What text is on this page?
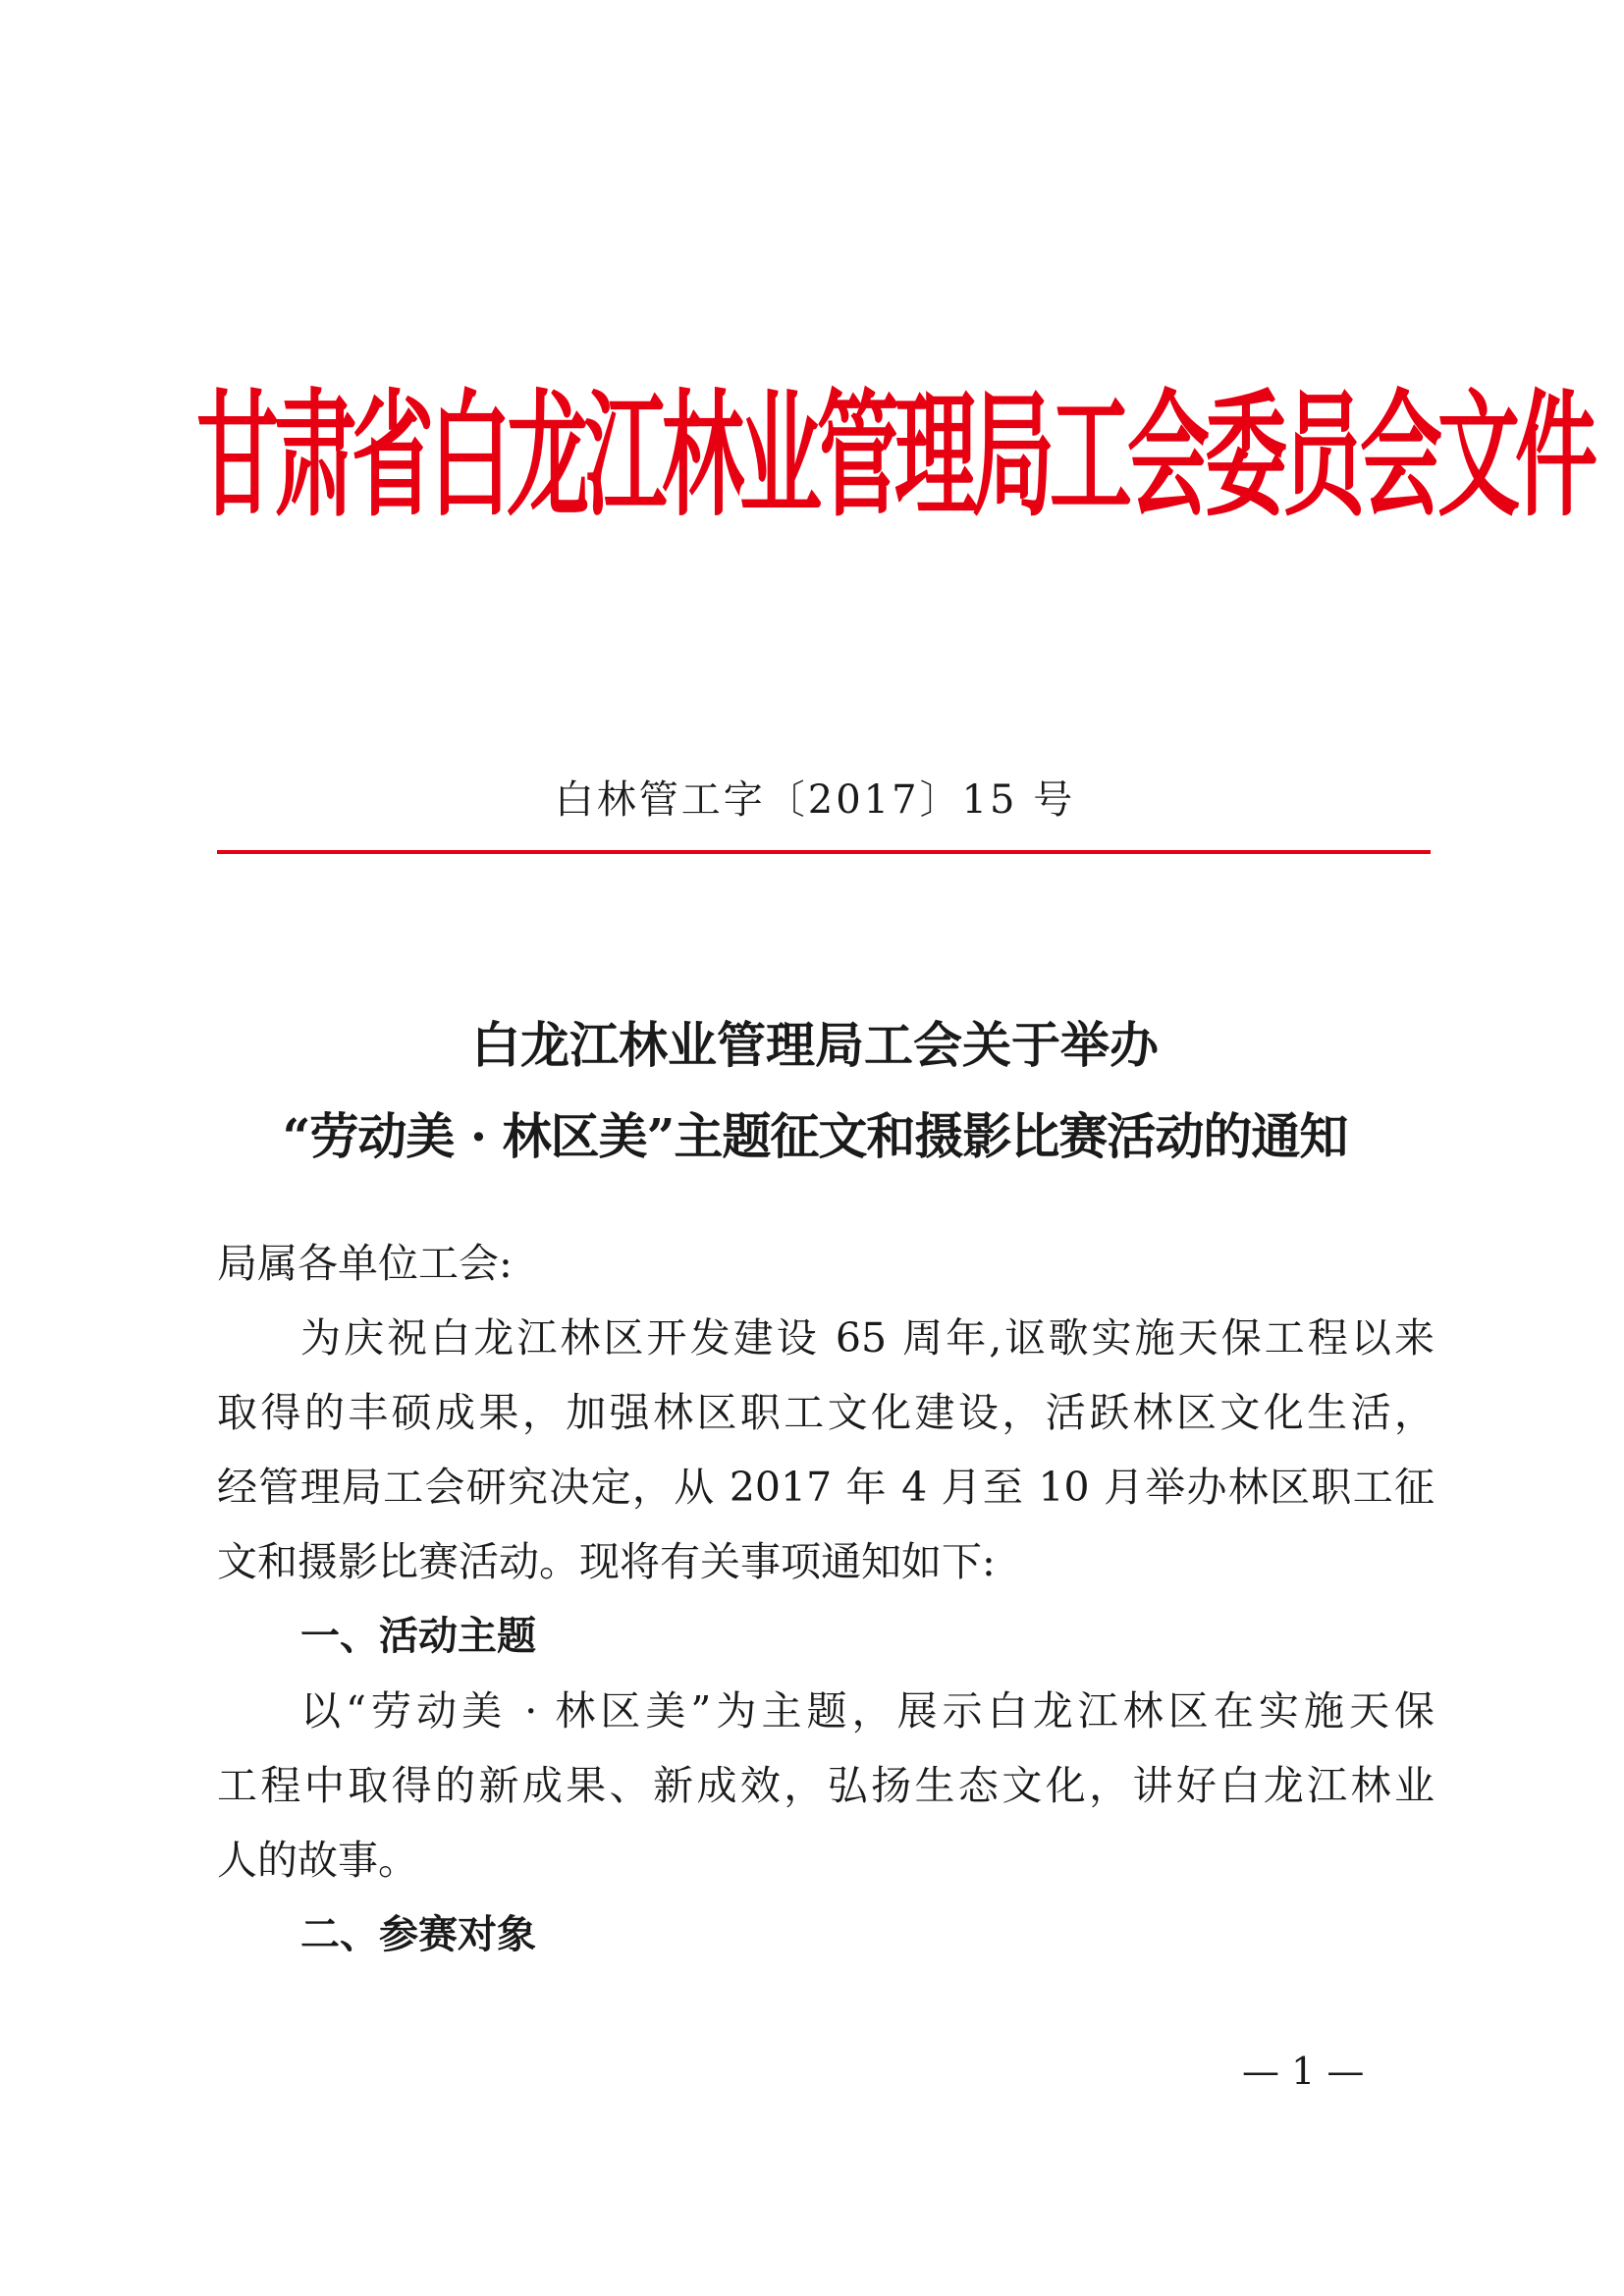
甘肃省白龙江林业管理局工会委员会文件
白林管工字〔2017〕15 号
白龙江林业管理局工会关于举办
“劳动美 · 林区美”主题征文和摄影比赛活动的通知
局属各单位工会:
为庆祝白龙江林区开发建设 65 周年,讴歌实施天保工程以来
取得的丰硕成果，加强林区职工文化建设，活跃林区文化生活，
经管理局工会研究决定，从 2017 年 4 月至 10 月举办林区职工征
文和摄影比赛活动。现将有关事项通知如下:
一、活动主题
以“劳动美 · 林区美”为主题，展示白龙江林区在实施天保
工程中取得的新成果、新成效，弘扬生态文化，讲好白龙江林业
人的故事。
二、参赛对象
— 1 —
